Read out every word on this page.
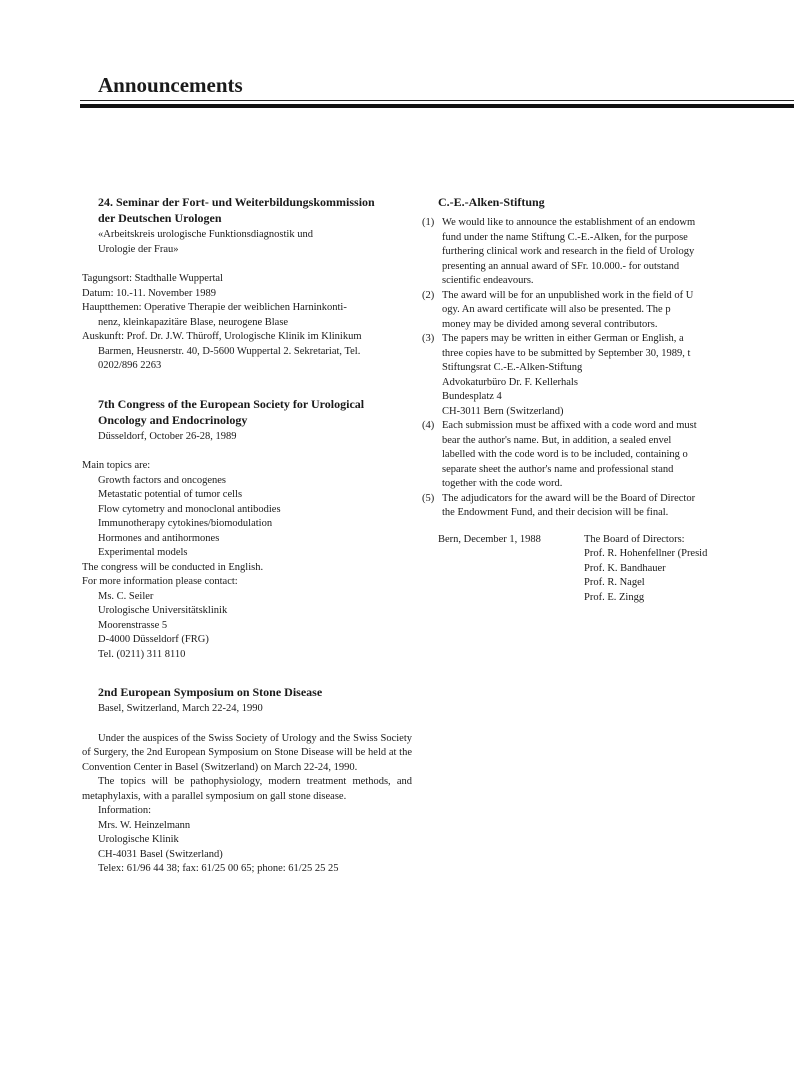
Announcements
24. Seminar der Fort- und Weiterbildungskommission
der Deutschen Urologen
«Arbeitskreis urologische Funktionsdiagnostik und
Urologie der Frau»
Tagungsort: Stadthalle Wuppertal
Datum: 10.-11. November 1989
Hauptthemen: Operative Therapie der weiblichen Harninkonti-
nenz, kleinkapazitäre Blase, neurogene Blase
Auskunft: Prof. Dr. J.W. Thüroff, Urologische Klinik im Klinikum
Barmen, Heusnerstr. 40, D-5600 Wuppertal 2. Sekretariat, Tel.
0202/896 2263
7th Congress of the European Society for Urological
Oncology and Endocrinology
Düsseldorf, October 26-28, 1989
Main topics are:
Growth factors and oncogenes
Metastatic potential of tumor cells
Flow cytometry and monoclonal antibodies
Immunotherapy cytokines/biomodulation
Hormones and antihormones
Experimental models
The congress will be conducted in English.
For more information please contact:
Ms. C. Seiler
Urologische Universitätsklinik
Moorenstrasse 5
D-4000 Düsseldorf (FRG)
Tel. (0211) 311 8110
2nd European Symposium on Stone Disease
Basel, Switzerland, March 22-24, 1990

Under the auspices of the Swiss Society of Urology and the Swiss Society of Surgery, the 2nd European Symposium on Stone Disease will be held at the Convention Center in Basel (Switzerland) on March 22-24, 1990.

The topics will be pathophysiology, modern treatment methods, and metaphylaxis, with a parallel symposium on gall stone disease.

Information:
Mrs. W. Heinzelmann
Urologische Klinik
CH-4031 Basel (Switzerland)
Telex: 61/96 44 38; fax: 61/25 00 65; phone: 61/25 25 25
C.-E.-Alken-Stiftung
(1) We would like to announce the establishment of an endowm
fund under the name Stiftung C.-E.-Alken, for the purpose
furthering clinical work and research in the field of Urology
presenting an annual award of SFr. 10.000.- for outstand
scientific endeavours.
(2) The award will be for an unpublished work in the field of U
ogy. An award certificate will also be presented. The p
money may be divided among several contributors.
(3) The papers may be written in either German or English, a
three copies have to be submitted by September 30, 1989, t
Stiftungsrat C.-E.-Alken-Stiftung
Advokaturbüro Dr. F. Kellerhals
Bundesplatz 4
CH-3011 Bern (Switzerland)
(4) Each submission must be affixed with a code word and must
bear the author's name. But, in addition, a sealed envel
labelled with the code word is to be included, containing o
separate sheet the author's name and professional stand
together with the code word.
(5) The adjudicators for the award will be the Board of Director
the Endowment Fund, and their decision will be final.
Bern, December 1, 1988	The Board of Directors:
Prof. R. Hohenfellner (Presid
Prof. K. Bandhauer
Prof. R. Nagel
Prof. E. Zingg
